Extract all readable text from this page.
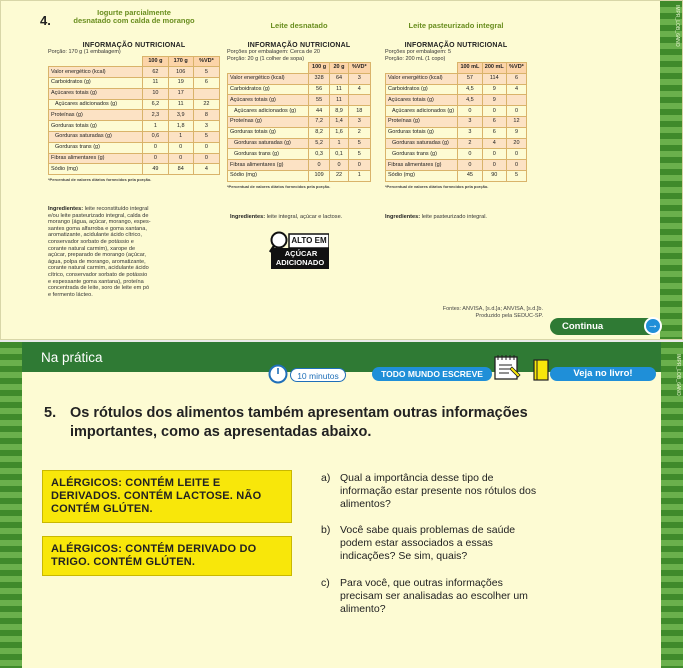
IMPR_LOB_6ANO
4.
Iogurte parcialmente
desnatado com calda de morango
INFORMAÇÃO NUTRICIONAL
Porção: 170 g (1 embalagem)
	100 g	170 g	%VD*
Valor energético (kcal)	62	106	5
Carboidratos (g)	11	19	6
Açúcares totais (g)	10	17	
Açúcares adicionados (g)	6,2	11	22
Proteínas (g)	2,3	3,9	8
Gorduras totais (g)	1	1,8	3
Gorduras saturadas (g)	0,6	1	5
Gorduras trans (g)	0	0	0
Fibras alimentares (g)	0	0	0
Sódio (mg)	49	84	4
*Percentual de valores diários fornecidos pela porção.
Ingredientes: leite reconstituído integral
e/ou leite pasteurizado integral, calda de
morango (água, açúcar, morango, espes-
santes goma alfarroba e goma xantana,
aromatizante, acidulante ácido cítrico,
conservador sorbato de potássio e
corante natural carmim), xarope de
açúcar, preparado de morango (açúcar,
água, polpa de morango, aromatizante,
corante natural carmim, acidulante ácido
cítrico, conservador sorbato de potássio
e espessante goma xantana), proteína
concentrada de leite, soro de leite em pó
e fermento lácteo.
Leite desnatado
INFORMAÇÃO NUTRICIONAL
Porções por embalagem: Cerca de 20
Porção: 20 g (1 colher de sopa)
	100 g	20 g	%VD*
Valor energético (kcal)	328	64	3
Carboidratos (g)	56	11	4
Açúcares totais (g)	55	11	
Açúcares adicionados (g)	44	8,9	18
Proteínas (g)	7,2	1,4	3
Gorduras totais (g)	8,2	1,6	2
Gorduras saturadas (g)	5,2	1	5
Gorduras trans (g)	0,3	0,1	5
Fibras alimentares (g)	0	0	0
Sódio (mg)	109	22	1
*Percentual de valores diários fornecidos pela porção.
Ingredientes: leite integral, açúcar e lactose.
ALTO EM
AÇÚCAR
ADICIONADO
Leite pasteurizado integral
INFORMAÇÃO NUTRICIONAL
Porções por embalagem: 5
Porção: 200 mL (1 copo)
	100 mL	200 mL	%VD*
Valor energético (kcal)	57	114	6
Carboidratos (g)	4,5	9	4
Açúcares totais (g)	4,5	9	
Açúcares adicionados (g)	0	0	0
Proteínas (g)	3	6	12
Gorduras totais (g)	3	6	9
Gorduras saturadas (g)	2	4	20
Gorduras trans (g)	0	0	0
Fibras alimentares (g)	0	0	0
Sódio (mg)	45	90	5
*Percentual de valores diários fornecidos pela porção.
Ingredientes: leite pasteurizado integral.
Fontes: ANVISA, [s.d.]a; ANVISA, [s.d.]b.
Produzido pela SEDUC-SP.
Continua	→
IMPR_LOB_6ANO
Na prática
10 minutos	TODO MUNDO ESCREVE	Veja no livro!
5. Os rótulos dos alimentos também apresentam outras informações
importantes, como as apresentadas abaixo.
ALÉRGICOS: CONTÉM LEITE E
DERIVADOS. CONTÉM LACTOSE. NÃO
CONTÉM GLÚTEN.
ALÉRGICOS: CONTÉM DERIVADO DO
TRIGO. CONTÉM GLÚTEN.
a) Qual a importância desse tipo de
informação estar presente nos rótulos dos
alimentos?
b) Você sabe quais problemas de saúde
podem estar associados a essas
indicações? Se sim, quais?
c) Para você, que outras informações
precisam ser analisadas ao escolher um
alimento?
